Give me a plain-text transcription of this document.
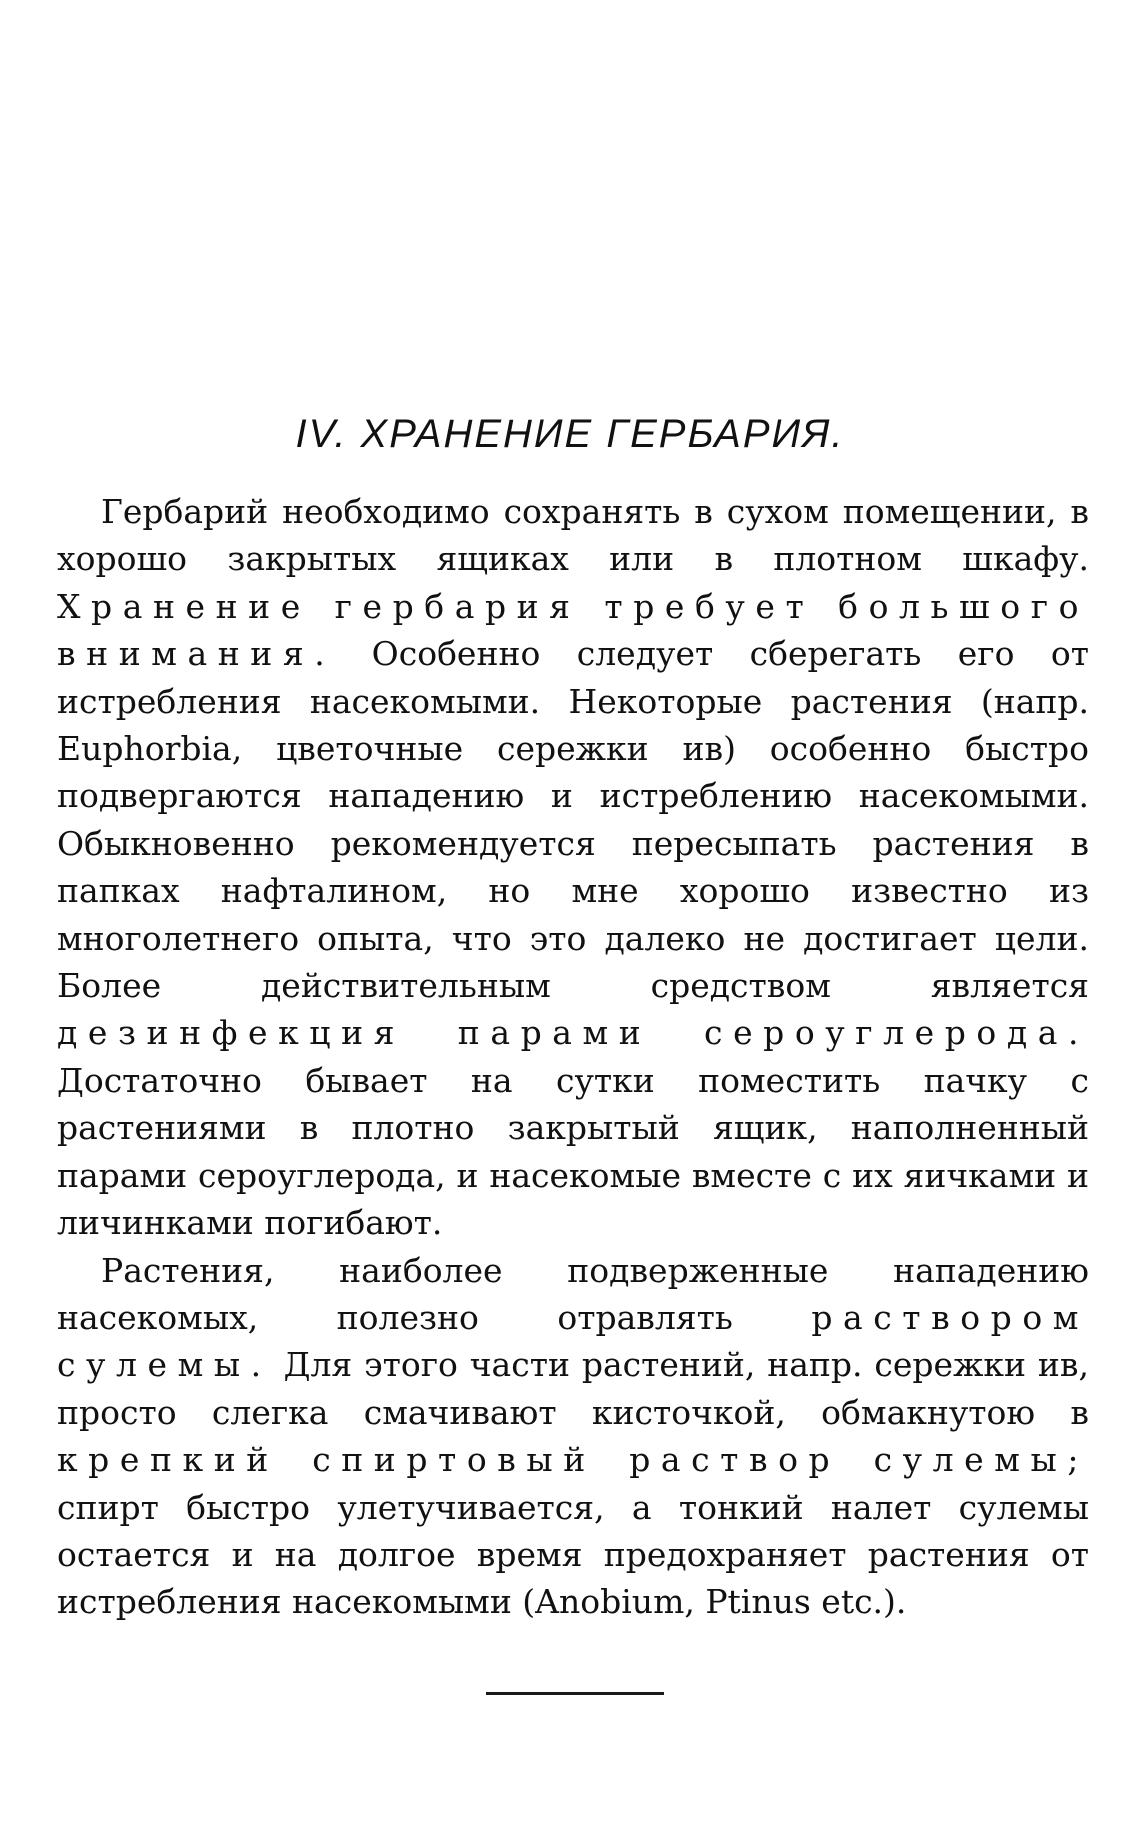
IV. ХРАНЕНИЕ ГЕРБАРИЯ.

Гербарий необходимо сохранять в сухом помещении, в хорошо закрытых ящиках или в плотном шкафу. Хранение гербария требует большого внимания. Особенно следует сберегать его от истребления насекомыми. Некоторые растения (напр. Euphorbia, цветочные сережки ив) особенно быстро подвергаются нападению и истреблению насекомыми. Обыкновенно рекомендуется пересыпать растения в папках нафталином, но мне хорошо известно из многолетнего опыта, что это далеко не достигает цели. Более действительным средством является дезинфекция парами сероуглерода. Достаточно бывает на сутки поместить пачку с растениями в плотно закрытый ящик, наполненный парами сероуглерода, и насекомые вместе с их яичками и личинками погибают.

Растения, наиболее подверженные нападению насекомых, полезно отравлять раствором сулемы. Для этого части растений, напр. сережки ив, просто слегка смачивают кисточкой, обмакнутою в крепкий спиртовый раствор сулемы; спирт быстро улетучивается, а тонкий налет сулемы остается и на долгое время предохраняет растения от истребления насекомыми (Anobium, Ptinus etc.).
